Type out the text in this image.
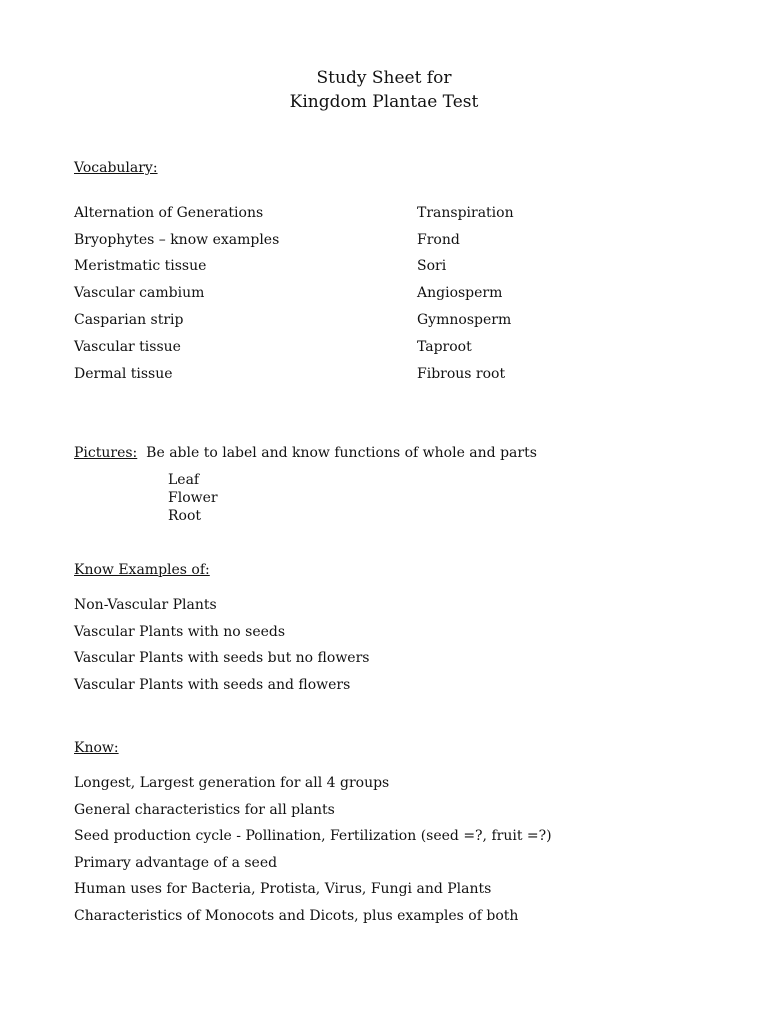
Study Sheet for
Kingdom Plantae Test
Vocabulary:
Alternation of Generations
Bryophytes – know examples
Meristmatic tissue
Vascular cambium
Casparian strip
Vascular tissue
Dermal tissue
Transpiration
Frond
Sori
Angiosperm
Gymnosperm
Taproot
Fibrous root
Pictures: Be able to label and know functions of whole and parts
Leaf
Flower
Root
Know Examples of:
Non-Vascular Plants
Vascular Plants with no seeds
Vascular Plants with seeds but no flowers
Vascular Plants with seeds and flowers
Know:
Longest, Largest generation for all 4 groups
General characteristics for all plants
Seed production cycle - Pollination, Fertilization (seed =?, fruit =?)
Primary advantage of a seed
Human uses for Bacteria, Protista, Virus, Fungi and Plants
Characteristics of Monocots and Dicots, plus examples of both
